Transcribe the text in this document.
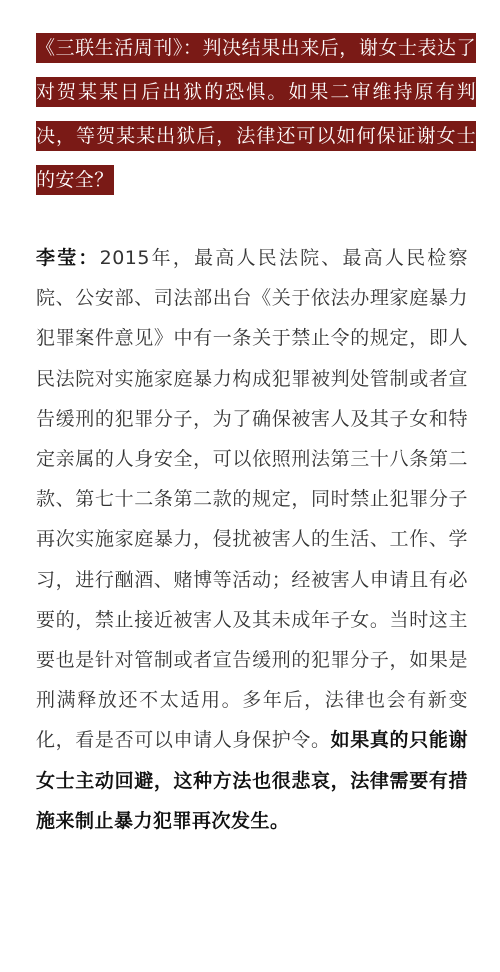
《三联生活周刊》：判决结果出来后，谢女士表达了对贺某某日后出狱的恐惧。如果二审维持原有判决，等贺某某出狱后，法律还可以如何保证谢女士的安全？

李莹：2015年，最高人民法院、最高人民检察院、公安部、司法部出台《关于依法办理家庭暴力犯罪案件意见》中有一条关于禁止令的规定，即人民法院对实施家庭暴力构成犯罪被判处管制或者宣告缓刑的犯罪分子，为了确保被害人及其子女和特定亲属的人身安全，可以依照刑法第三十八条第二款、第七十二条第二款的规定，同时禁止犯罪分子再次实施家庭暴力，侵扰被害人的生活、工作、学习，进行酗酒、赌博等活动；经被害人申请且有必要的，禁止接近被害人及其未成年子女。当时这主要也是针对管制或者宣告缓刑的犯罪分子，如果是刑满释放还不太适用。多年后，法律也会有新变化，看是否可以申请人身保护令。如果真的只能谢女士主动回避，这种方法也很悲哀，法律需要有措施来制止暴力犯罪再次发生。
